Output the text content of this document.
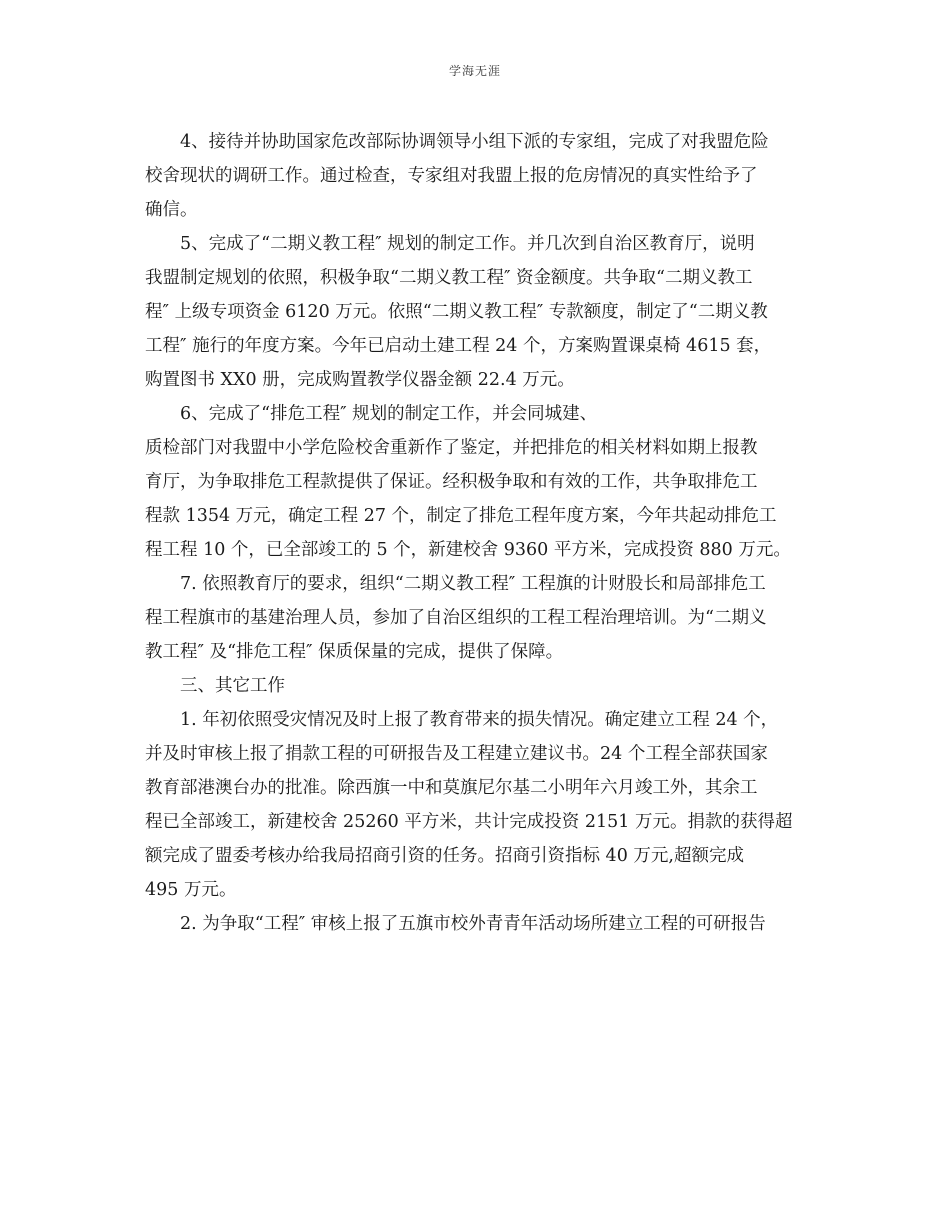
学海无涯
4、接待并协助国家危改部际协调领导小组下派的专家组，完成了对我盟危险
校舍现状的调研工作。通过检查，专家组对我盟上报的危房情况的真实性给予了
确信。
5、完成了“二期义教工程″ 规划的制定工作。并几次到自治区教育厅，说明
我盟制定规划的依照，积极争取“二期义教工程″ 资金额度。共争取“二期义教工
程″ 上级专项资金 6120 万元。依照“二期义教工程″ 专款额度，制定了“二期义教
工程″ 施行的年度方案。今年已启动土建工程 24 个，方案购置课桌椅 4615 套，
购置图书 XX0 册，完成购置教学仪器金额 22.4 万元。
6、完成了“排危工程″ 规划的制定工作，并会同城建、
质检部门对我盟中小学危险校舍重新作了鉴定，并把排危的相关材料如期上报教
育厅，为争取排危工程款提供了保证。经积极争取和有效的工作，共争取排危工
程款 1354 万元，确定工程 27 个，制定了排危工程年度方案，今年共起动排危工
程工程 10 个，已全部竣工的 5 个，新建校舍 9360 平方米，完成投资 880 万元。
7. 依照教育厅的要求，组织“二期义教工程″ 工程旗的计财股长和局部排危工
程工程旗市的基建治理人员，参加了自治区组织的工程工程治理培训。为“二期义
教工程″ 及“排危工程″ 保质保量的完成，提供了保障。
三、其它工作
1. 年初依照受灾情况及时上报了教育带来的损失情况。确定建立工程 24 个，
并及时审核上报了捐款工程的可研报告及工程建立建议书。24 个工程全部获国家
教育部港澳台办的批准。除西旗一中和莫旗尼尔基二小明年六月竣工外，其余工
程已全部竣工，新建校舍 25260 平方米，共计完成投资 2151 万元。捐款的获得超
额完成了盟委考核办给我局招商引资的任务。招商引资指标 40 万元,超额完成
495 万元。
2. 为争取“工程″ 审核上报了五旗市校外青青年活动场所建立工程的可研报告
